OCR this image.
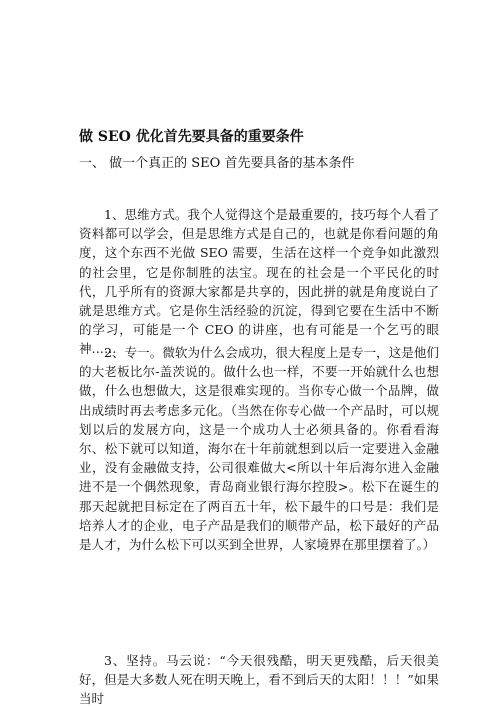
做 SEO 优化首先要具备的重要条件
一、 做一个真正的 SEO 首先要具备的基本条件
1、思维方式。我个人觉得这个是最重要的，技巧每个人看了资料都可以学会，但是思维方式是自己的，也就是你看问题的角度，这个东西不光做 SEO 需要，生活在这样一个竞争如此激烈的社会里，它是你制胜的法宝。现在的社会是一个平民化的时代，几乎所有的资源大家都是共享的，因此拼的就是角度说白了就是思维方式。它是你生活经验的沉淀，得到它要在生活中不断的学习，可能是一个 CEO 的讲座，也有可能是一个乞丐的眼神……
2、专一。微软为什么会成功，很大程度上是专一，这是他们的大老板比尔-盖茨说的。做什么也一样，不要一开始就什么也想做，什么也想做大，这是很难实现的。当你专心做一个品牌，做出成绩时再去考虑多元化。（当然在你专心做一个产品时，可以规划以后的发展方向，这是一个成功人士必须具备的。你看看海尔、松下就可以知道，海尔在十年前就想到以后一定要进入金融业，没有金融做支持，公司很难做大<所以十年后海尔进入金融进不是一个偶然现象，青岛商业银行海尔控股>。松下在诞生的那天起就把目标定在了两百五十年，松下最牛的口号是：我们是培养人才的企业，电子产品是我们的顺带产品，松下最好的产品是人才，为什么松下可以买到全世界，人家境界在那里摆着了。）
3、坚持。马云说：“今天很残酷，明天更残酷，后天很美好，但是大多数人死在明天晚上，看不到后天的太阳！！！”如果当时
